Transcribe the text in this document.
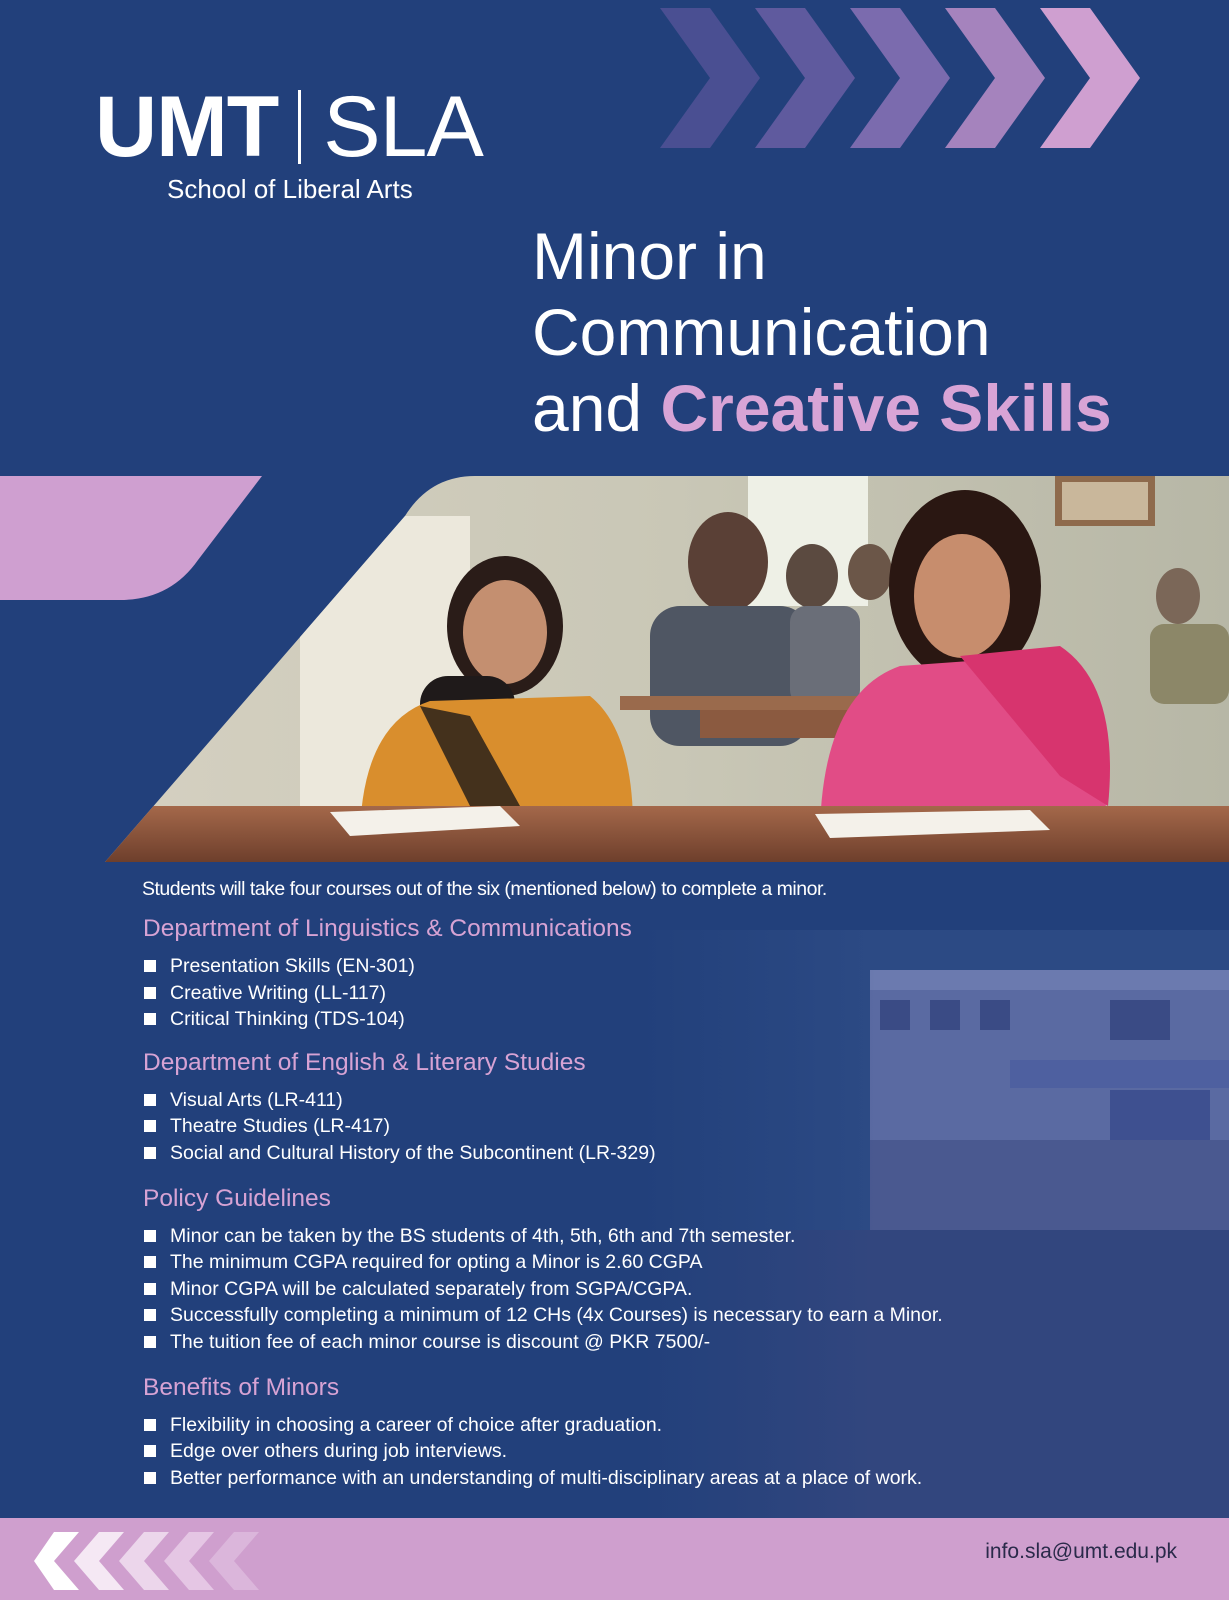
UMT SLA
School of Liberal Arts
Minor in
Communication
and Creative Skills
Students will take four courses out of the six (mentioned below) to complete a minor.
Department of Linguistics & Communications
Presentation Skills (EN-301)
Creative Writing (LL-117)
Critical Thinking (TDS-104)
Department of English & Literary Studies
Visual Arts (LR-411)
Theatre Studies (LR-417)
Social and Cultural History of the Subcontinent (LR-329)
Policy Guidelines
Minor can be taken by the BS students of 4th, 5th, 6th and 7th semester.
The minimum CGPA required for opting a Minor is 2.60 CGPA
Minor CGPA will be calculated separately from SGPA/CGPA.
Successfully completing a minimum of 12 CHs (4x Courses) is necessary to earn a Minor.
The tuition fee of each minor course is discount @ PKR 7500/-
Benefits of Minors
Flexibility in choosing a career of choice after graduation.
Edge over others during job interviews.
Better performance with an understanding of multi-disciplinary areas at a place of work.
info.sla@umt.edu.pk
